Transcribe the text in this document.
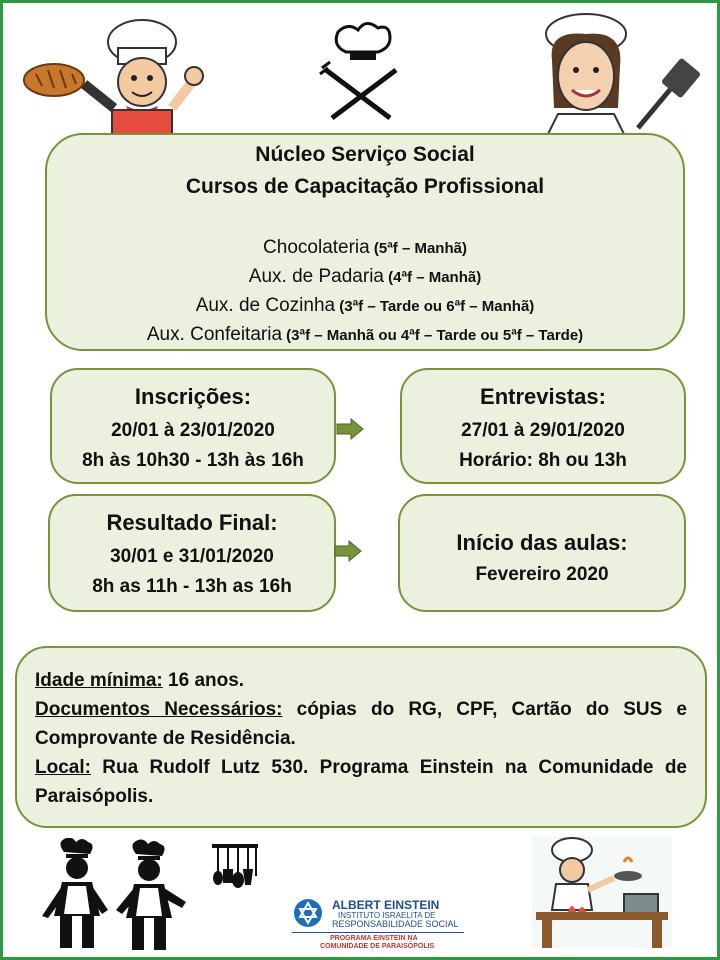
Núcleo Serviço Social
Cursos de Capacitação Profissional
Chocolateria (5ªf – Manhã)
Aux. de Padaria (4ªf – Manhã)
Aux. de Cozinha (3ªf – Tarde ou 6ªf – Manhã)
Aux. Confeitaria (3ªf – Manhã ou 4ªf – Tarde ou 5ªf – Tarde)
Inscrições:
20/01 à 23/01/2020
8h às 10h30 - 13h às 16h
Entrevistas:
27/01 à 29/01/2020
Horário: 8h ou 13h
Resultado Final:
30/01 e 31/01/2020
8h as 11h - 13h as 16h
Início das aulas:
Fevereiro 2020
Idade mínima: 16 anos.
Documentos Necessários: cópias do RG, CPF, Cartão do SUS e Comprovante de Residência.
Local: Rua Rudolf Lutz 530. Programa Einstein na Comunidade de Paraisópolis.
ALBERT EINSTEIN
INSTITUTO ISRAELITA DE
RESPONSABILIDADE SOCIAL
PROGRAMA EINSTEIN NA
COMUNIDADE DE PARAISÓPOLIS
